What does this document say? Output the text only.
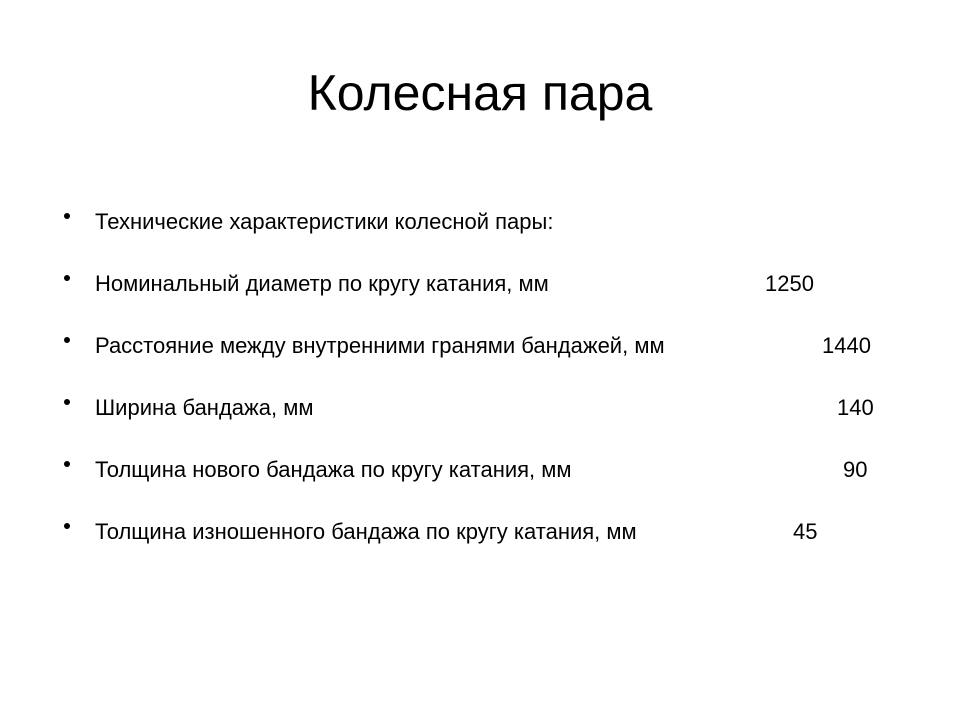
Колесная пара
Технические характеристики колесной пары:
Номинальный диаметр по кругу катания, мм	1250
Расстояние между внутренними гранями бандажей, мм	1440
Ширина бандажа, мм	140
Толщина нового бандажа по кругу катания, мм	90
Толщина изношенного бандажа по кругу катания, мм	45
